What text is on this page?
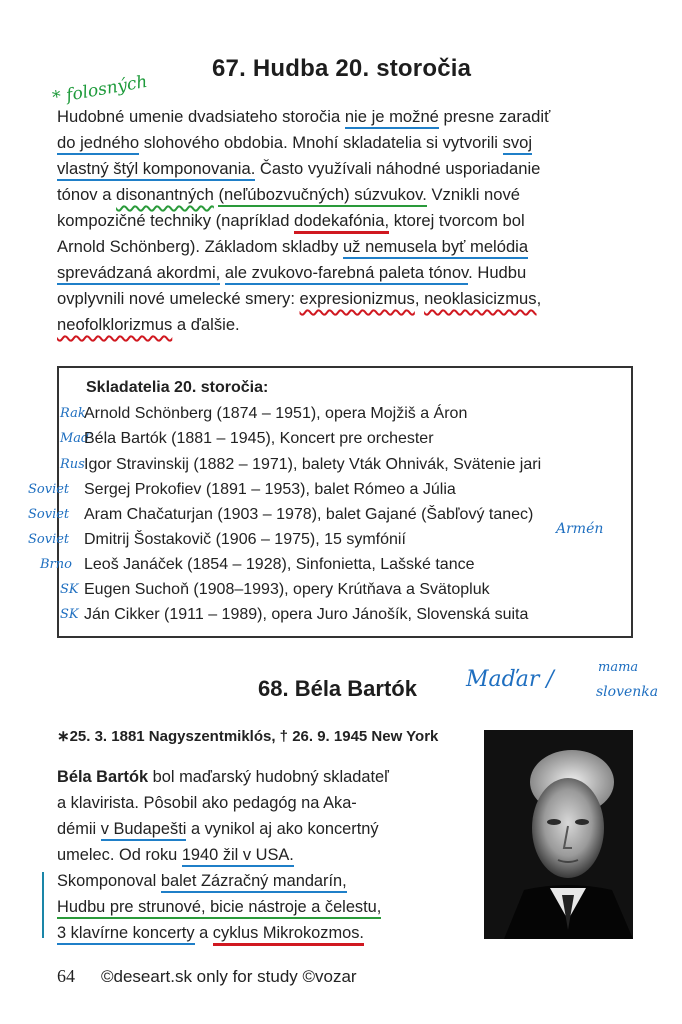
* folosných
67. Hudba 20. storočia
Hudobné umenie dvadsiateho storočia nie je možné presne zaradiť
do jedného slohového obdobia. Mnohí skladatelia si vytvorili svoj
vlastný štýl komponovania. Často využívali náhodné usporiadanie
tónov a disonantných (neľúbozvučných) súzvukov. Vznikli nové
kompozičné techniky (napríklad dodekafónia, ktorej tvorcom bol
Arnold Schönberg). Základom skladby už nemusela byť melódia
sprevádzaná akordmi, ale zvukovo-farebná paleta tónov. Hudbu
ovplyvnili nové umelecké smery: expresionizmus, neoklasicizmus,
neofolklorizmus a ďalšie.
Skladatelia 20. storočia:
Rak
Arnold Schönberg (1874 – 1951), opera Mojžiš a Áron
Maď
Béla Bartók (1881 – 1945), Koncert pre orchester
Rus Igor Stravinskij (1882 – 1971), balety Vták Ohnivák, Svätenie jari
Soviet Sergej Prokofiev (1891 – 1953), balet Rómeo a Júlia
Soviet Aram Chačaturjan (1903 – 1978), balet Gajané (Šabľový tanec)
Soviet Dmitrij Šostakovič (1906 – 1975), 15 symfónií
Armén
Brno Leoš Janáček (1854 – 1928), Sinfonietta, Lašské tance
SK Eugen Suchoň (1908–1993), opery Krútňava a Svätopluk
SK Ján Cikker (1911 – 1989), opera Juro Jánošík, Slovenská suita
68. Béla Bartók Maďar /	mama
slovenka
∗25. 3. 1881 Nagyszentmiklós, † 26. 9. 1945 New York
Béla Bartók bol maďarský hudobný skladateľ
a klavirista. Pôsobil ako pedagóg na Aka-
démii v Budapešti a vynikol aj ako koncertný
umelec. Od roku 1940 žil v USA.
Skomponoval balet Zázračný mandarín,
Hudbu pre strunové, bicie nástroje a čelestu,
3 klavírne koncerty a cyklus Mikrokozmos.
64 ©deseart.sk only for study ©vozar
